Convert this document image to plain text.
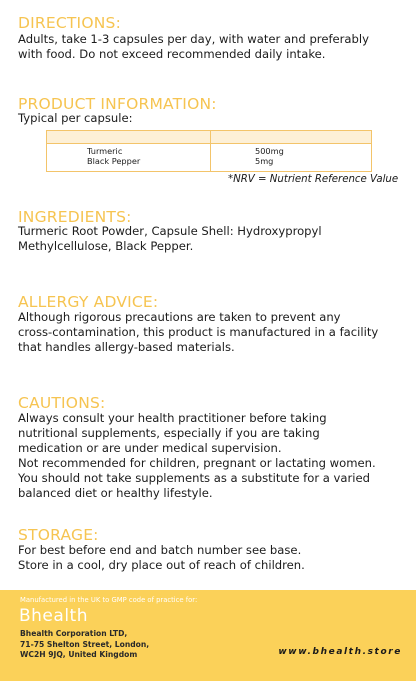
DIRECTIONS:
Adults, take 1-3 capsules per day, with water and preferably
with food. Do not exceed recommended daily intake.
PRODUCT INFORMATION:
Typical per capsule:
Turmeric
Black Pepper
500mg
5mg
*NRV = Nutrient Reference Value
INGREDIENTS:
Turmeric Root Powder, Capsule Shell: Hydroxypropyl
Methylcellulose, Black Pepper.
ALLERGY ADVICE:
Although rigorous precautions are taken to prevent any
cross-contamination, this product is manufactured in a facility
that handles allergy-based materials.
CAUTIONS:
Always consult your health practitioner before taking
nutritional supplements, especially if you are taking
medication or are under medical supervision.
Not recommended for children, pregnant or lactating women.
You should not take supplements as a substitute for a varied
balanced diet or healthy lifestyle.
STORAGE:
For best before end and batch number see base.
Store in a cool, dry place out of reach of children.
Manufactured in the UK to GMP code of practice for:
Bhealth
Bhealth Corporation LTD,
71-75 Shelton Street, London,
WC2H 9JQ, United Kingdom	www.bhealth.store
